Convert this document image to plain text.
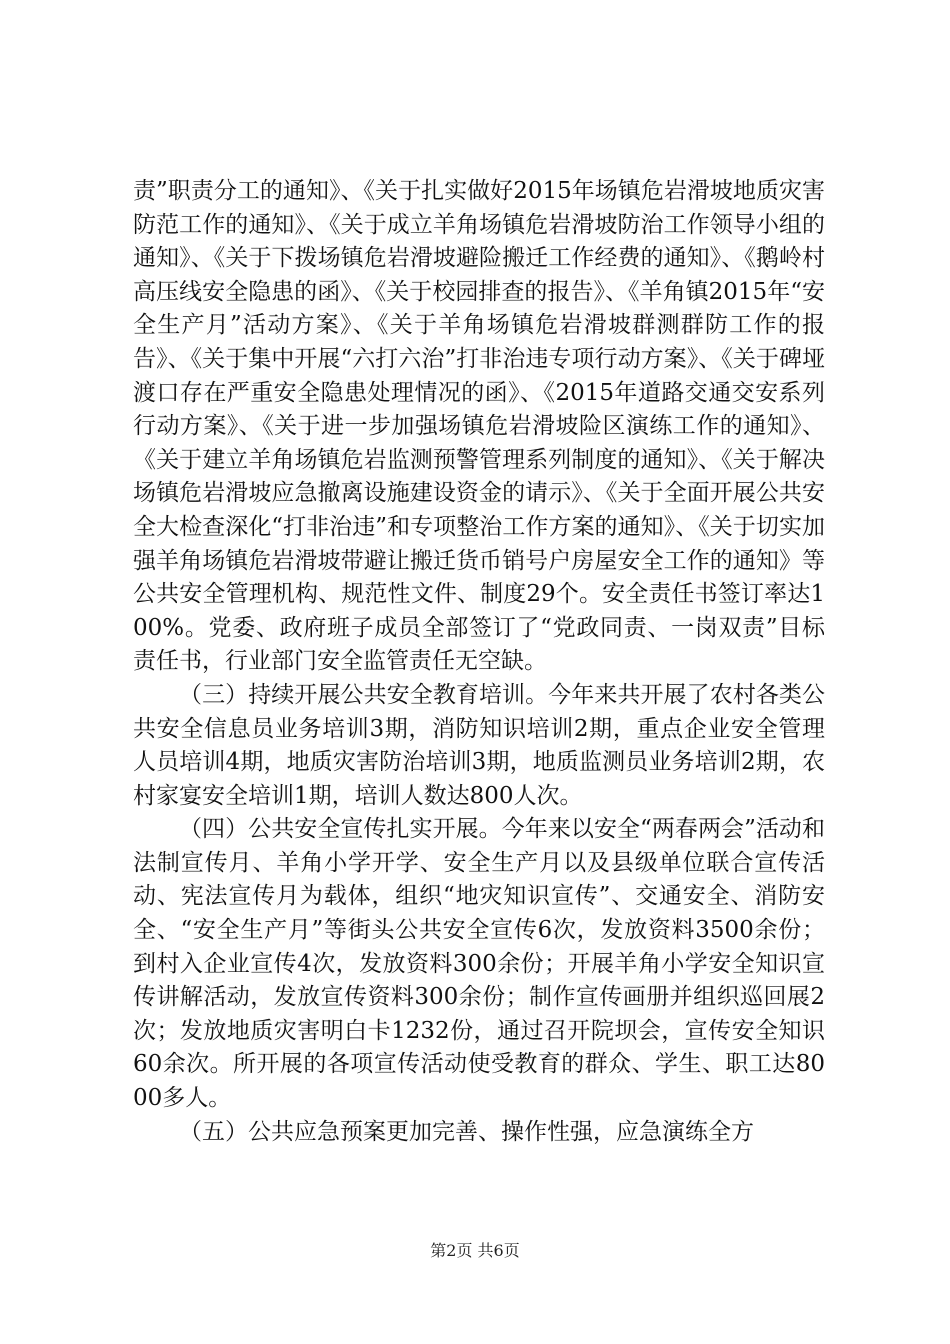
责”职责分工的通知》、《关于扎实做好2015年场镇危岩滑坡地质灾害防范工作的通知》、《关于成立羊角场镇危岩滑坡防治工作领导小组的通知》、《关于下拨场镇危岩滑坡避险搬迁工作经费的通知》、《鹅岭村高压线安全隐患的函》、《关于校园排查的报告》、《羊角镇2015年“安全生产月”活动方案》、《关于羊角场镇危岩滑坡群测群防工作的报告》、《关于集中开展“六打六治”打非治违专项行动方案》、《关于碑垭渡口存在严重安全隐患处理情况的函》、《2015年道路交通交安系列行动方案》、《关于进一步加强场镇危岩滑坡险区演练工作的通知》、《关于建立羊角场镇危岩监测预警管理系列制度的通知》、《关于解决场镇危岩滑坡应急撤离设施建设资金的请示》、《关于全面开展公共安全大检查深化“打非治违”和专项整治工作方案的通知》、《关于切实加强羊角场镇危岩滑坡带避让搬迁货币销号户房屋安全工作的通知》等公共安全管理机构、规范性文件、制度29个。安全责任书签订率达100%。党委、政府班子成员全部签订了“党政同责、一岗双责”目标责任书，行业部门安全监管责任无空缺。

（三）持续开展公共安全教育培训。今年来共开展了农村各类公共安全信息员业务培训3期，消防知识培训2期，重点企业安全管理人员培训4期，地质灾害防治培训3期，地质监测员业务培训2期，农村家宴安全培训1期，培训人数达800人次。

（四）公共安全宣传扎实开展。今年来以安全“两春两会”活动和法制宣传月、羊角小学开学、安全生产月以及县级单位联合宣传活动、宪法宣传月为载体，组织“地灾知识宣传”、交通安全、消防安全、“安全生产月”等街头公共安全宣传6次，发放资料3500余份；到村入企业宣传4次，发放资料300余份；开展羊角小学安全知识宣传讲解活动，发放宣传资料300余份；制作宣传画册并组织巡回展2次；发放地质灾害明白卡1232份，通过召开院坝会，宣传安全知识60余次。所开展的各项宣传活动使受教育的群众、学生、职工达8000多人。

（五）公共应急预案更加完善、操作性强，应急演练全方

第2页 共6页
